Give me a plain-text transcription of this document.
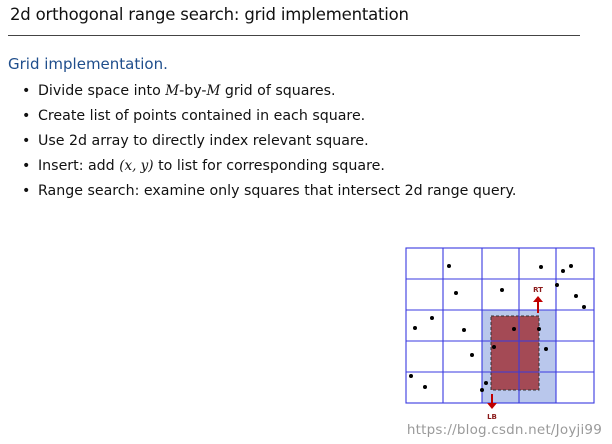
2d orthogonal range search: grid implementation
Grid implementation.
• Divide space into M-by-M grid of squares.
• Create list of points contained in each square.
• Use 2d array to directly index relevant square.
• Insert: add (x, y) to list for corresponding square.
• Range search: examine only squares that intersect 2d range query.
RT
LB
https://blog.csdn.net/Joyji99
